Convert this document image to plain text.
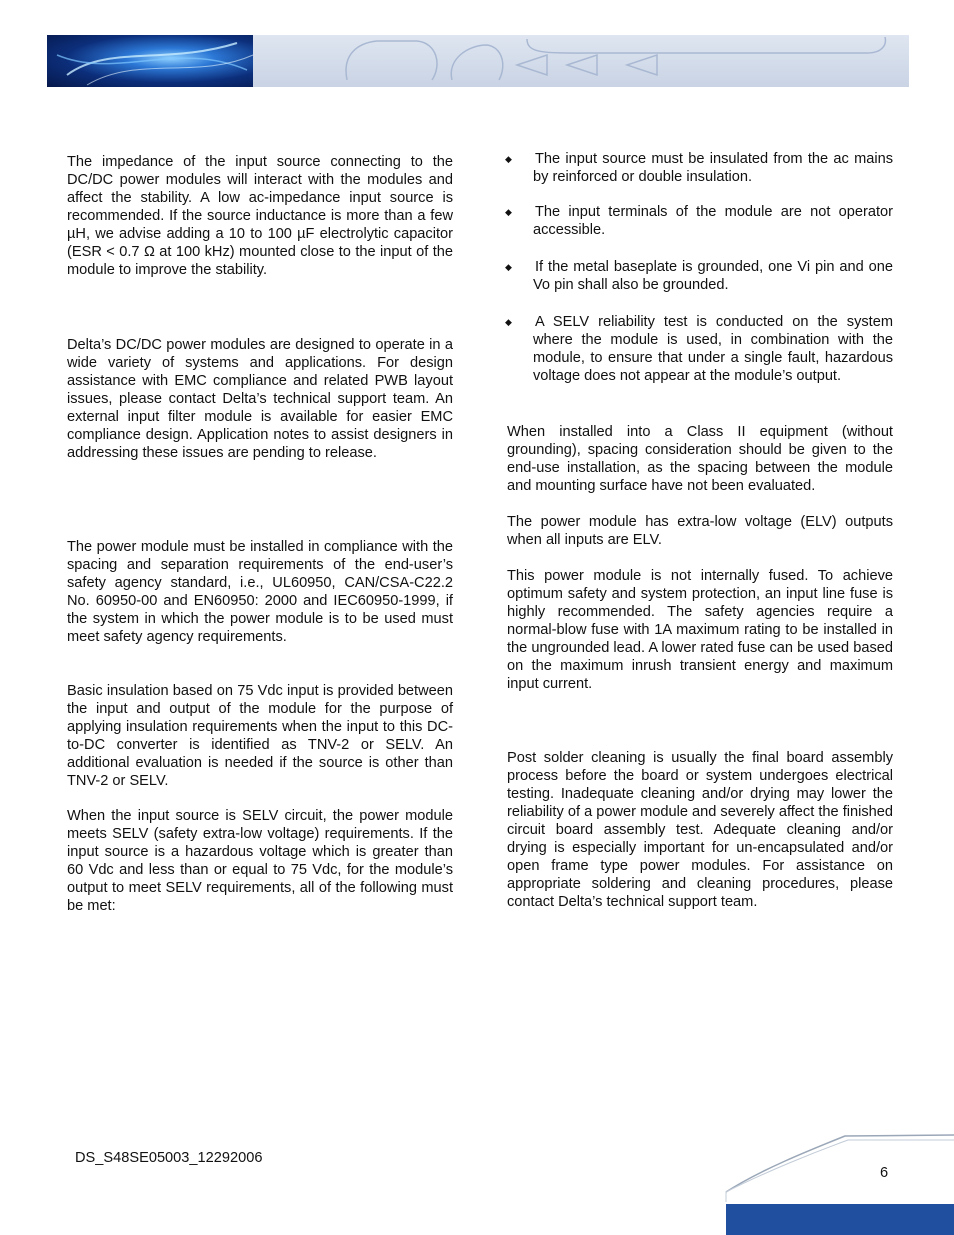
The impedance of the input source connecting to the DC/DC power modules will interact with the modules and affect the stability. A low ac-impedance input source is recommended. If the source inductance is more than a few µH, we advise adding a 10 to 100 µF electrolytic capacitor (ESR < 0.7 Ω at 100 kHz) mounted close to the input of the module to improve the stability.

Delta’s DC/DC power modules are designed to operate in a wide variety of systems and applications. For design assistance with EMC compliance and related PWB layout issues, please contact Delta’s technical support team. An external input filter module is available for easier EMC compliance design. Application notes to assist designers in addressing these issues are pending to release.

The power module must be installed in compliance with the spacing and separation requirements of the end-user’s safety agency standard, i.e., UL60950, CAN/CSA-C22.2 No. 60950-00 and EN60950: 2000 and IEC60950-1999, if the system in which the power module is to be used must meet safety agency requirements.

Basic insulation based on 75 Vdc input is provided between the input and output of the module for the purpose of applying insulation requirements when the input to this DC-to-DC converter is identified as TNV-2 or SELV. An additional evaluation is needed if the source is other than TNV-2 or SELV.

When the input source is SELV circuit, the power module meets SELV (safety extra-low voltage) requirements. If the input source is a hazardous voltage which is greater than 60 Vdc and less than or equal to 75 Vdc, for the module’s output to meet SELV requirements, all of the following must be met:

◆ The input source must be insulated from the ac mains by reinforced or double insulation.

◆ The input terminals of the module are not operator accessible.

◆ If the metal baseplate is grounded, one Vi pin and one Vo pin shall also be grounded.

◆ A SELV reliability test is conducted on the system where the module is used, in combination with the module, to ensure that under a single fault, hazardous voltage does not appear at the module’s output.

When installed into a Class II equipment (without grounding), spacing consideration should be given to the end-use installation, as the spacing between the module and mounting surface have not been evaluated.

The power module has extra-low voltage (ELV) outputs when all inputs are ELV.

This power module is not internally fused. To achieve optimum safety and system protection, an input line fuse is highly recommended. The safety agencies require a normal-blow fuse with 1A maximum rating to be installed in the ungrounded lead. A lower rated fuse can be used based on the maximum inrush transient energy and maximum input current.

Post solder cleaning is usually the final board assembly process before the board or system undergoes electrical testing. Inadequate cleaning and/or drying may lower the reliability of a power module and severely affect the finished circuit board assembly test. Adequate cleaning and/or drying is especially important for un-encapsulated and/or open frame type power modules. For assistance on appropriate soldering and cleaning procedures, please contact Delta’s technical support team.

DS_S48SE05003_12292006
6
